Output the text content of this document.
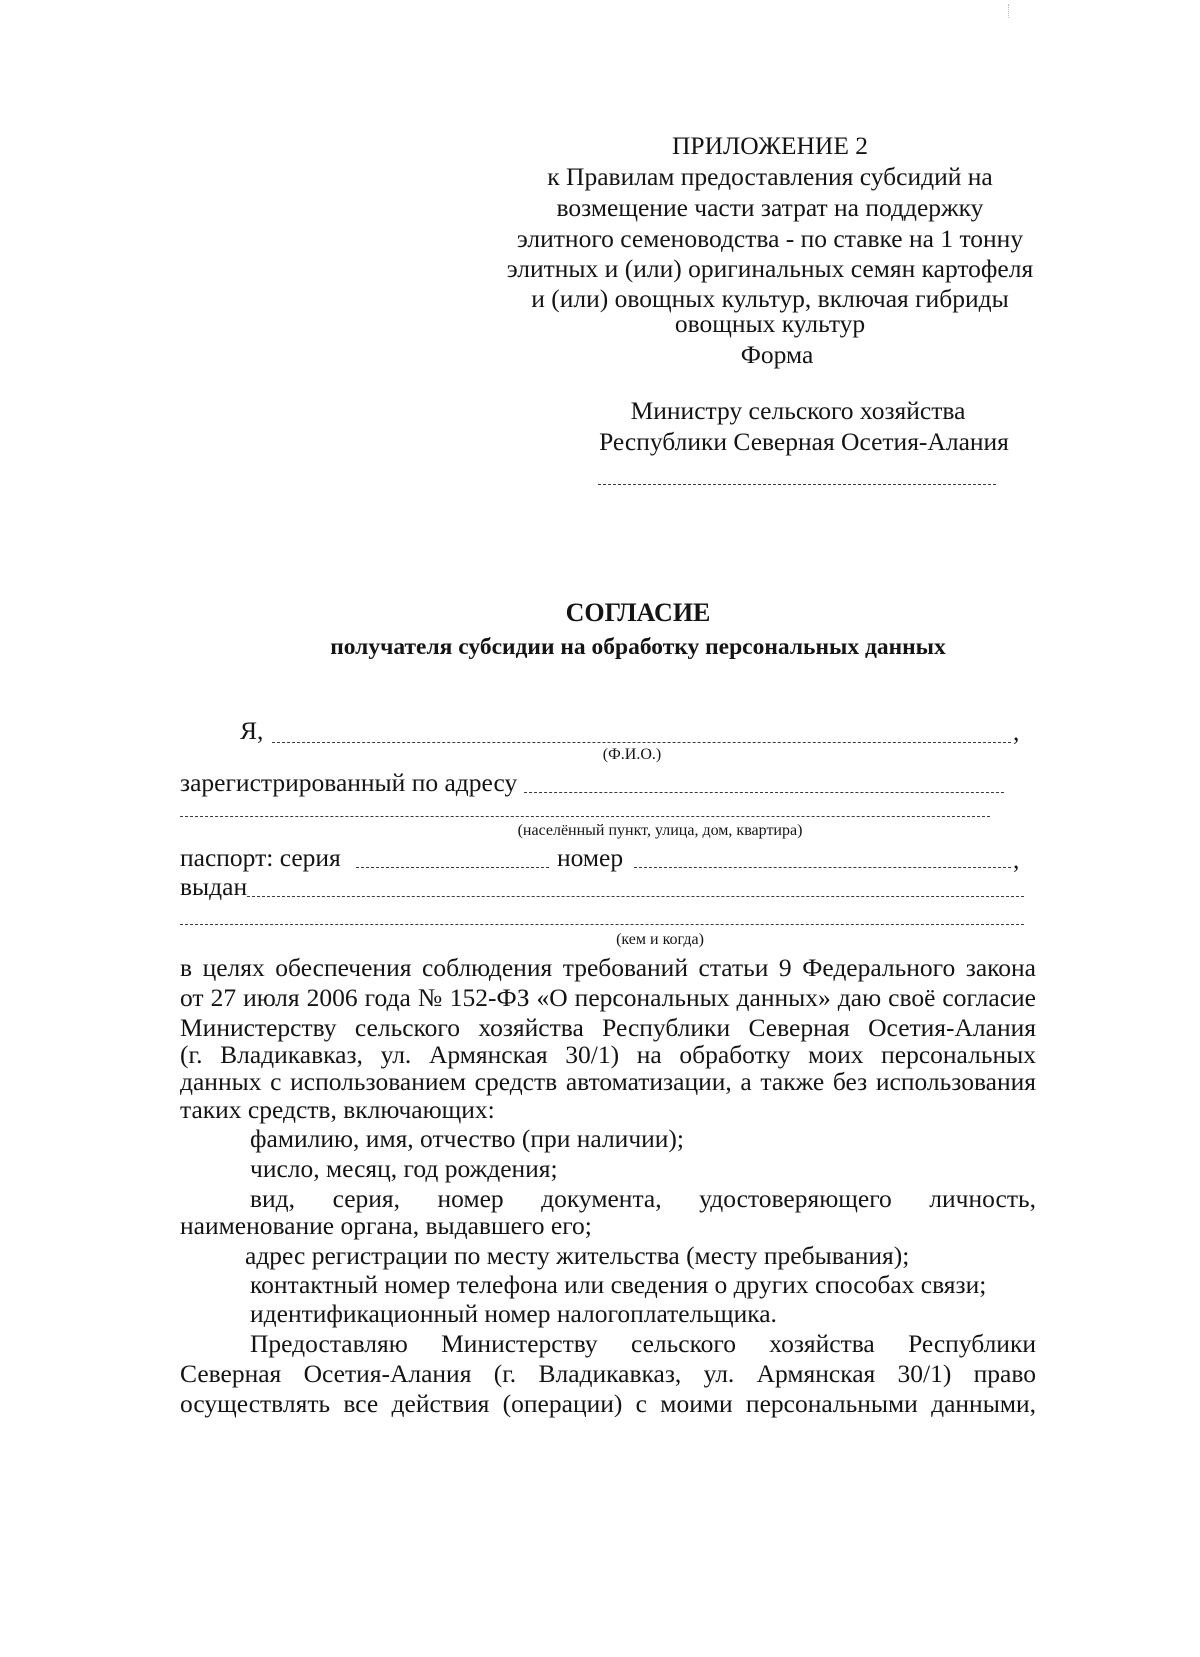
ПРИЛОЖЕНИЕ 2
к Правилам предоставления субсидий на
возмещение части затрат на поддержку
элитного семеноводства - по ставке на 1 тонну
элитных и (или) оригинальных семян картофеля
и (или) овощных культур, включая гибриды
овощных культур
Форма
Министру сельского хозяйства
Республики Северная Осетия-Алания
СОГЛАСИЕ
получателя субсидии на обработку персональных данных
Я,	,
(Ф.И.О.)
зарегистрированный по адресу
(населённый пункт, улица, дом, квартира)
паспорт: серия	номер	,
выдан
(кем и когда)
в целях обеспечения соблюдения требований статьи 9 Федерального закона
от 27 июля 2006 года № 152-ФЗ «О персональных данных» даю своё согласие
Министерству сельского хозяйства Республики Северная Осетия-Алания
(г. Владикавказ, ул. Армянская 30/1) на обработку моих персональных
данных с использованием средств автоматизации, а также без использования
таких средств, включающих:
фамилию, имя, отчество (при наличии);
число, месяц, год рождения;
вид, серия, номер документа, удостоверяющего личность,
наименование органа, выдавшего его;
адрес регистрации по месту жительства (месту пребывания);
контактный номер телефона или сведения о других способах связи;
идентификационный номер налогоплательщика.
Предоставляю Министерству сельского хозяйства Республики
Северная Осетия-Алания (г. Владикавказ, ул. Армянская 30/1) право
осуществлять все действия (операции) с моими персональными данными,
